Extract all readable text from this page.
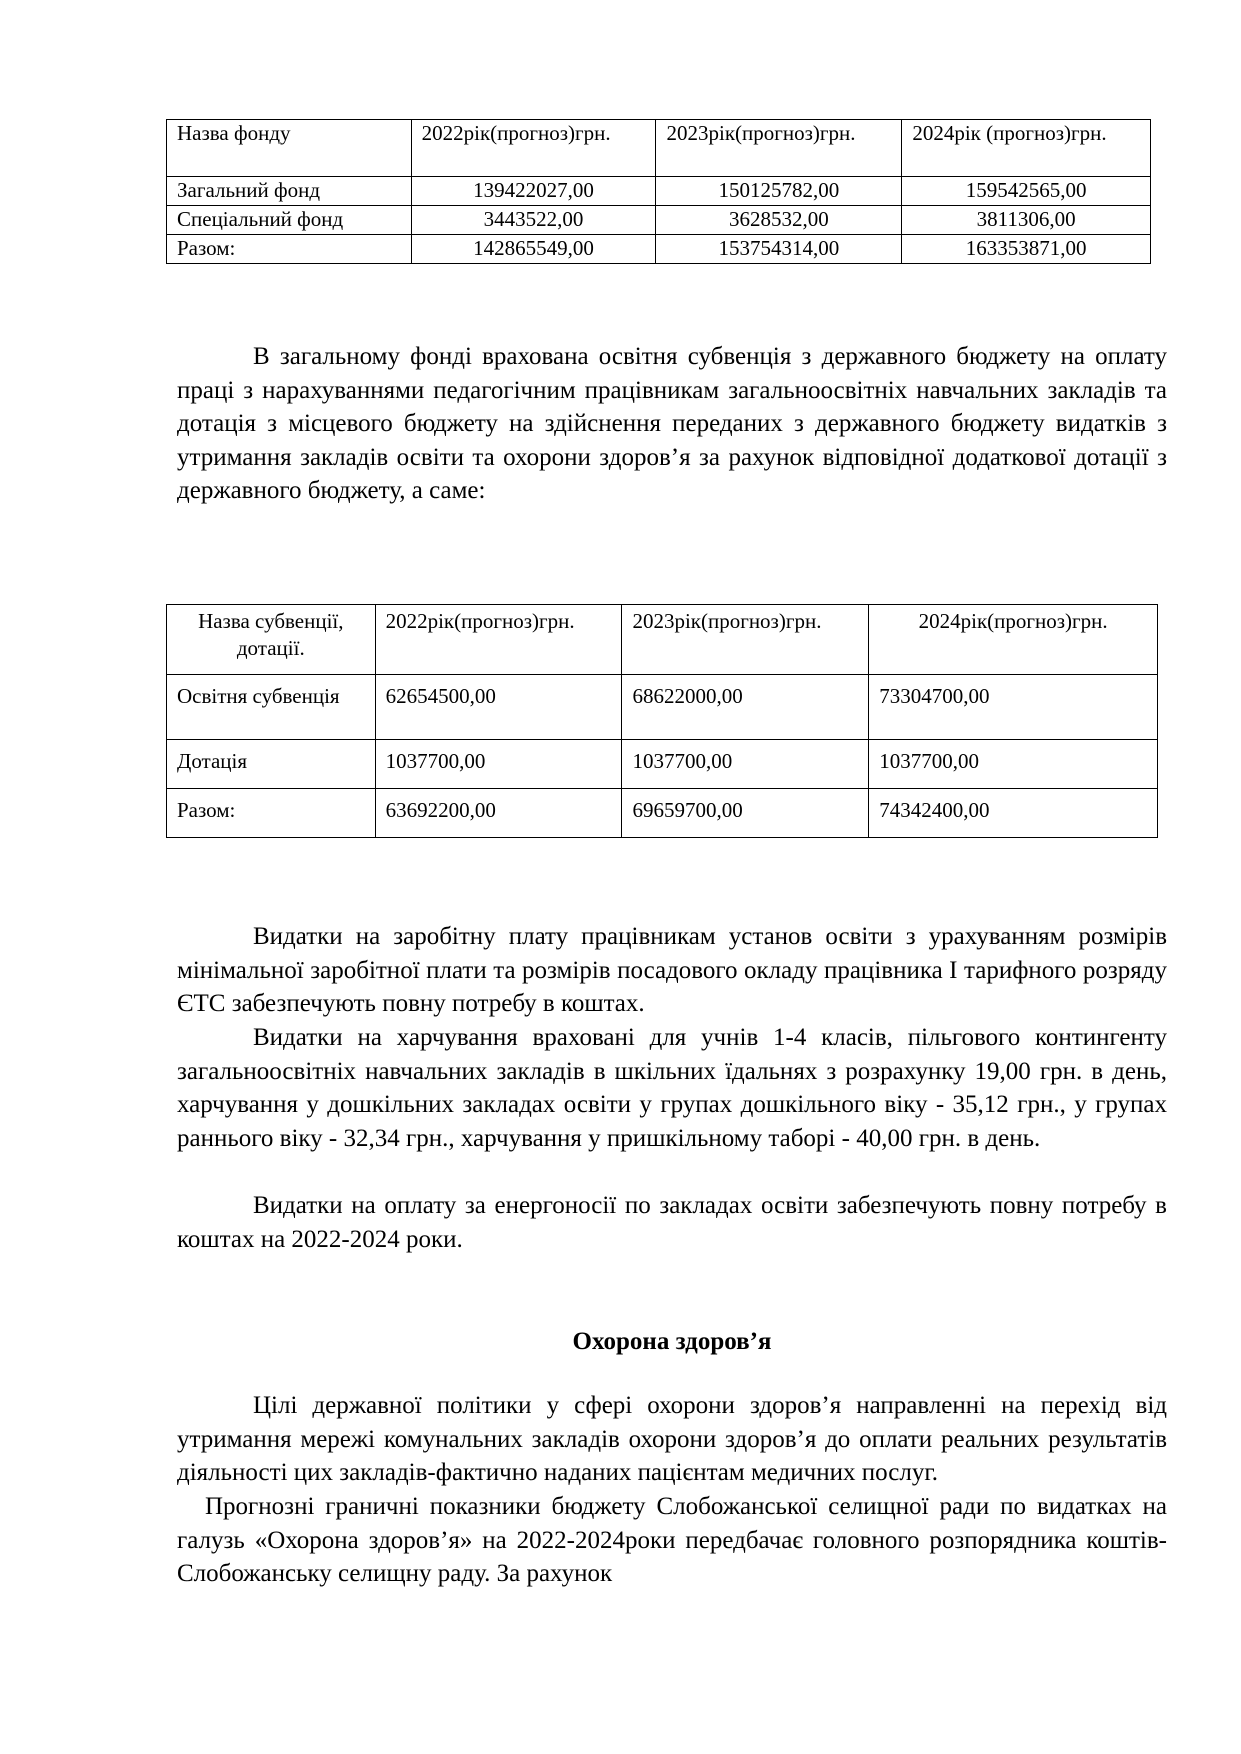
Назва фонду	2022рік(прогноз)грн.	2023рік(прогноз)грн.	2024рік (прогноз)грн.
Загальний фонд	139422027,00	150125782,00	159542565,00
Спеціальний фонд	3443522,00	3628532,00	3811306,00
Разом:	142865549,00	153754314,00	163353871,00

В загальному фонді врахована освітня субвенція з державного бюджету на оплату праці з нарахуваннями педагогічним працівникам загальноосвітніх навчальних закладів та дотація з місцевого бюджету на здійснення переданих з державного бюджету видатків з утримання закладів освіти та охорони здоров’я за рахунок відповідної додаткової дотації з державного бюджету, а саме:

Назва субвенції, дотації.	2022рік(прогноз)грн.	2023рік(прогноз)грн.	2024рік(прогноз)грн.
Освітня субвенція	62654500,00	68622000,00	73304700,00
Дотація	1037700,00	1037700,00	1037700,00
Разом:	63692200,00	69659700,00	74342400,00

Видатки на заробітну плату працівникам установ освіти з урахуванням розмірів мінімальної заробітної плати та розмірів посадового окладу працівника І тарифного розряду ЄТС забезпечують повну потребу в коштах.

Видатки на харчування враховані для учнів 1-4 класів, пільгового контингенту загальноосвітніх навчальних закладів в шкільних їдальнях з розрахунку 19,00 грн. в день, харчування у дошкільних закладах освіти у групах дошкільного віку - 35,12 грн., у групах раннього віку - 32,34 грн., харчування у пришкільному таборі - 40,00 грн. в день.

Видатки на оплату за енергоносії по закладах освіти забезпечують повну потребу в коштах на 2022-2024 роки.

Охорона здоров’я

Цілі державної політики у сфері охорони здоров’я направленні на перехід від утримання мережі комунальних закладів охорони здоров’я до оплати реальних результатів діяльності цих закладів-фактично наданих пацієнтам медичних послуг.

Прогнозні граничні показники бюджету Слобожанської селищної ради по видатках на галузь «Охорона здоров’я» на 2022-2024роки передбачає головного розпорядника коштів-Слобожанську селищну раду. За рахунок
